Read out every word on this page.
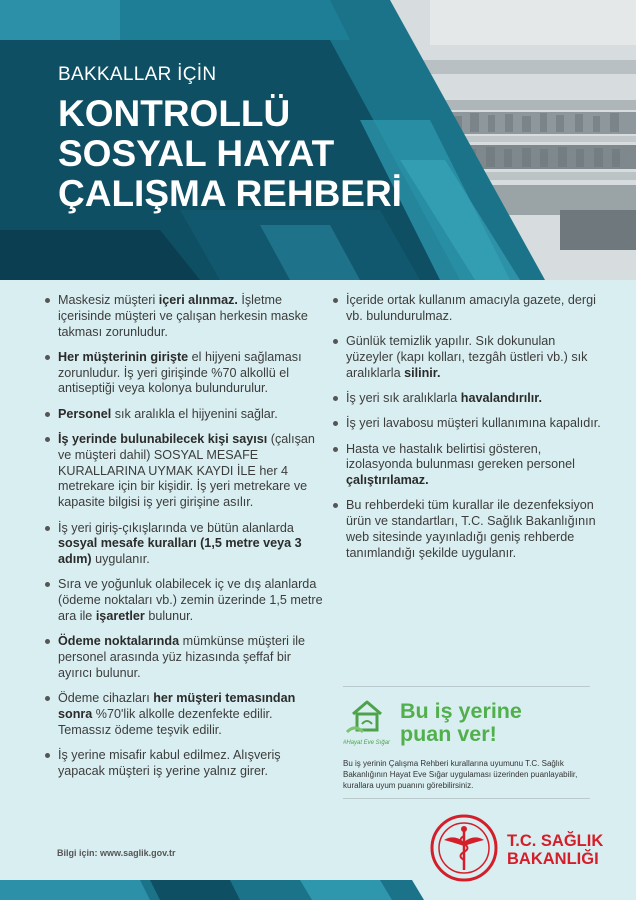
BAKKALLAR İÇİN
KONTROLLÜ
SOSYAL HAYAT
ÇALIŞMA REHBERİ
Maskesiz müşteri içeri alınmaz. İşletme içerisinde müşteri ve çalışan herkesin maske takması zorunludur.
Her müşterinin girişte el hijyeni sağlaması zorunludur. İş yeri girişinde %70 alkollü el antiseptiği veya kolonya bulundurulur.
Personel sık aralıkla el hijyenini sağlar.
İş yerinde bulunabilecek kişi sayısı (çalışan ve müşteri dahil) SOSYAL MESAFE KURALLARINA UYMAK KAYDI İLE her 4 metrekare için bir kişidir. İş yeri metrekare ve kapasite bilgisi iş yeri girişine asılır.
İş yeri giriş-çıkışlarında ve bütün alanlarda sosyal mesafe kuralları (1,5 metre veya 3 adım) uygulanır.
Sıra ve yoğunluk olabilecek iç ve dış alanlarda (ödeme noktaları vb.) zemin üzerinde 1,5 metre ara ile işaretler bulunur.
Ödeme noktalarında mümkünse müşteri ile personel arasında yüz hizasında şeffaf bir ayırıcı bulunur.
Ödeme cihazları her müşteri temasından sonra %70'lik alkolle dezenfekte edilir. Temassız ödeme teşvik edilir.
İş yerine misafir kabul edilmez. Alışveriş yapacak müşteri iş yerine yalnız girer.
İçeride ortak kullanım amacıyla gazete, dergi vb. bulundurulmaz.
Günlük temizlik yapılır. Sık dokunulan yüzeyler (kapı kolları, tezgâh üstleri vb.) sık aralıklarla silinir.
İş yeri sık aralıklarla havalandırılır.
İş yeri lavabosu müşteri kullanımına kapalıdır.
Hasta ve hastalık belirtisi gösteren, izolasyonda bulunması gereken personel çalıştırılamaz.
Bu rehberdeki tüm kurallar ile dezenfeksiyon ürün ve standartları, T.C. Sağlık Bakanlığının web sitesinde yayınladığı geniş rehberde tanımlandığı şekilde uygulanır.
#Hayat Eve Sığar
Bu iş yerine puan ver!
Bu iş yerinin Çalışma Rehberi kurallarına uyumunu T.C. Sağlık Bakanlığının Hayat Eve Sığar uygulaması üzerinden puanlayabilir, kurallara uyum puanını görebilirsiniz.
Bilgi için: www.saglik.gov.tr
T.C. SAĞLIK
BAKANLIĞI
